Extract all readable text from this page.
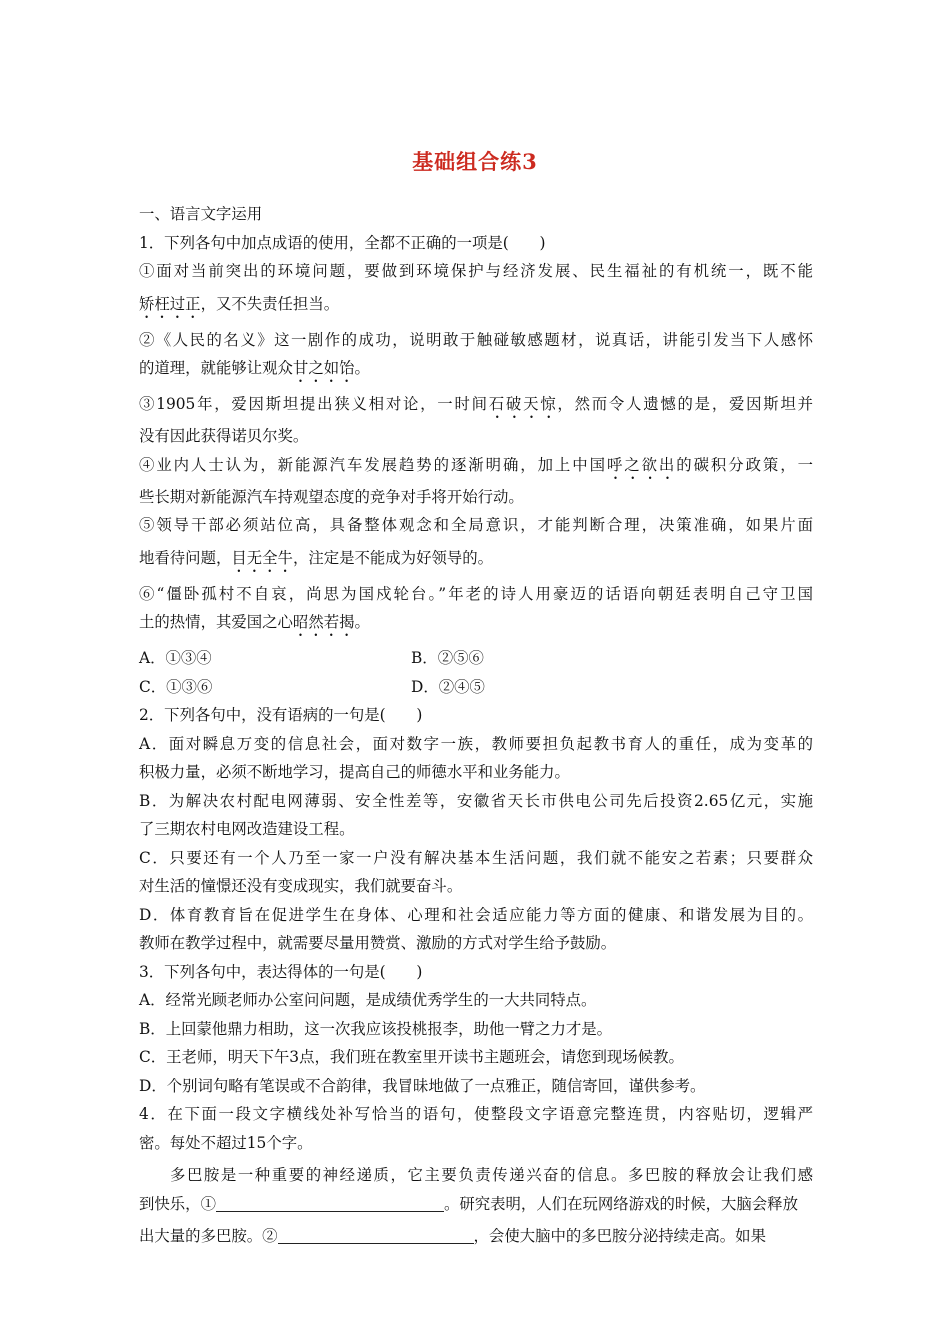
基础组合练3
一、语言文字运用
1．下列各句中加点成语的使用，全都不正确的一项是(　　)
①面对当前突出的环境问题，要做到环境保护与经济发展、民生福祉的有机统一，既不能
矫枉过正，又不失责任担当。
②《人民的名义》这一剧作的成功，说明敢于触碰敏感题材，说真话，讲能引发当下人感怀
的道理，就能够让观众甘之如饴。
③1905年，爱因斯坦提出狭义相对论，一时间石破天惊，然而令人遗憾的是，爱因斯坦并
没有因此获得诺贝尔奖。
④业内人士认为，新能源汽车发展趋势的逐渐明确，加上中国呼之欲出的碳积分政策，一
些长期对新能源汽车持观望态度的竞争对手将开始行动。
⑤领导干部必须站位高，具备整体观念和全局意识，才能判断合理，决策准确，如果片面
地看待问题，目无全牛，注定是不能成为好领导的。
⑥“僵卧孤村不自哀，尚思为国戍轮台。”年老的诗人用豪迈的话语向朝廷表明自己守卫国
土的热情，其爱国之心昭然若揭。
A．①③④	B．②⑤⑥
C．①③⑥	D．②④⑤
2．下列各句中，没有语病的一句是(　　)
A．面对瞬息万变的信息社会，面对数字一族，教师要担负起教书育人的重任，成为变革的
积极力量，必须不断地学习，提高自己的师德水平和业务能力。
B．为解决农村配电网薄弱、安全性差等，安徽省天长市供电公司先后投资2.65亿元，实施
了三期农村电网改造建设工程。
C．只要还有一个人乃至一家一户没有解决基本生活问题，我们就不能安之若素；只要群众
对生活的憧憬还没有变成现实，我们就要奋斗。
D．体育教育旨在促进学生在身体、心理和社会适应能力等方面的健康、和谐发展为目的。
教师在教学过程中，就需要尽量用赞赏、激励的方式对学生给予鼓励。
3．下列各句中，表达得体的一句是(　　)
A．经常光顾老师办公室问问题，是成绩优秀学生的一大共同特点。
B．上回蒙他鼎力相助，这一次我应该投桃报李，助他一臂之力才是。
C．王老师，明天下午3点，我们班在教室里开读书主题班会，请您到现场候教。
D．个别词句略有笔误或不合韵律，我冒昧地做了一点雅正，随信寄回，谨供参考。
4．在下面一段文字横线处补写恰当的语句，使整段文字语意完整连贯，内容贴切，逻辑严
密。每处不超过15个字。
多巴胺是一种重要的神经递质，它主要负责传递兴奋的信息。多巴胺的释放会让我们感
到快乐，①	。研究表明，人们在玩网络游戏的时候，大脑会释放
出大量的多巴胺。②	，会使大脑中的多巴胺分泌持续走高。如果
